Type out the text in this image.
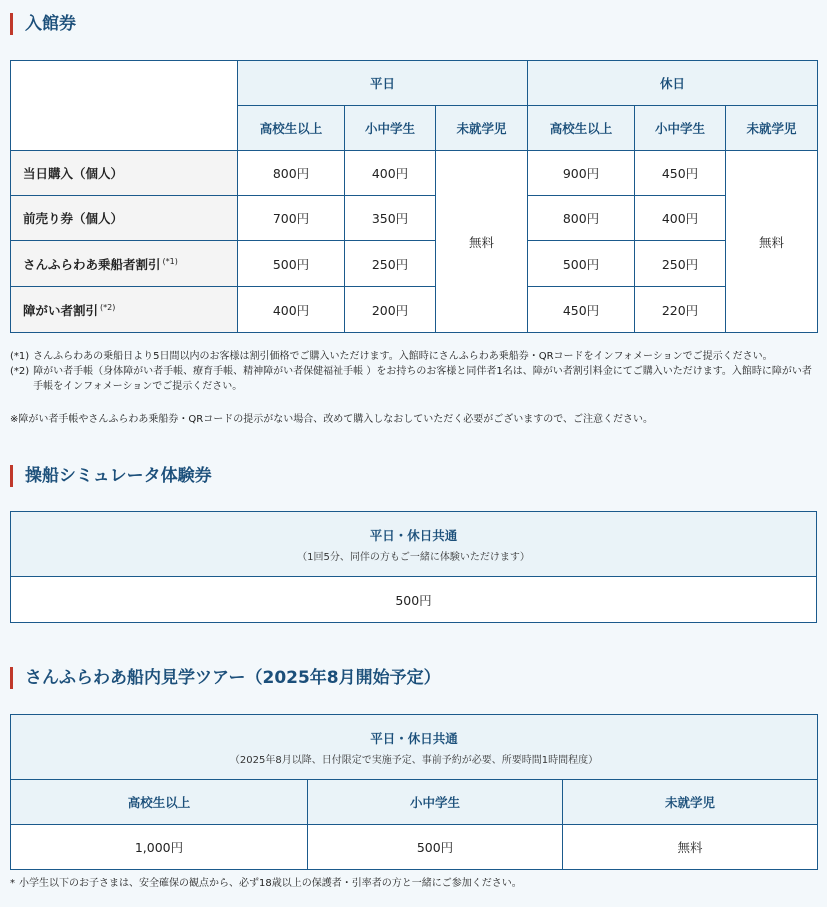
入館券
	平日			休日		
	高校生以上	小中学生	未就学児	高校生以上	小中学生	未就学児
当日購入（個人）	800円	400円	無料	900円	450円	無料
前売り券（個人）	700円	350円		800円	400円	
さんふらわあ乗船者割引 $^{(*1)}$	500円	250円		500円	250円	
障がい者割引 $^{(*2)}$	400円	200円		450円	220円	
(*1) さんふらわあの乗船日より5日間以内のお客様は割引価格でご購入いただけます。入館時にさんふらわあ乗船券・QRコードをインフォメーションでご提示ください。
(*2) 障がい者手帳（身体障がい者手帳、療育手帳、精神障がい者保健福祉手帳 ）をお持ちのお客様と同伴者1名は、障がい者割引料金にてご購入いただけます。入館時に障がい者手帳をインフォメーションでご提示ください。
※障がい者手帳やさんふらわあ乗船券・QRコードの提示がない場合、改めて購入しなおしていただく必要がございますので、ご注意ください。
操船シミュレータ体験券
平日・休日共通
（1回5分、同伴の方もご一緒に体験いただけます）

500円
さんふらわあ船内見学ツアー（2025年8月開始予定）
平日・休日共通
（2025年8月以降、日付限定で実施予定、事前予約が必要、所要時間1時間程度）		

高校生以上	小中学生	未就学児
1,000円	500円	無料
* 小学生以下のお子さまは、安全確保の観点から、必ず18歳以上の保護者・引率者の方と一緒にご参加ください。
